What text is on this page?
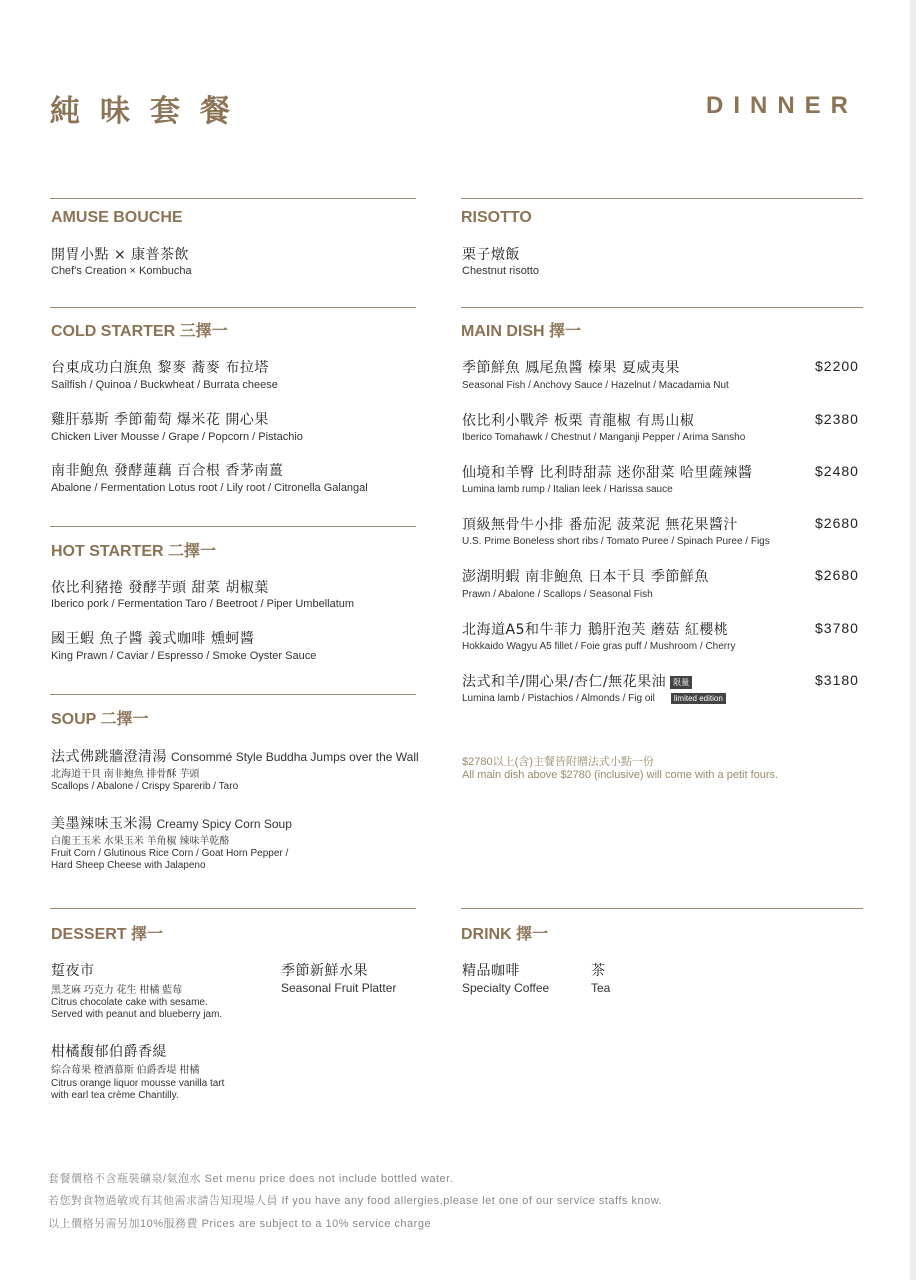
純味套餐	DINNER
AMUSE BOUCHE
開胃小點 × 康普茶飲
Chef's Creation × Kombucha
COLD STARTER 三擇一
台東成功白旗魚 黎麥 蕎麥 布拉塔
Sailfish / Quinoa / Buckwheat / Burrata cheese
雞肝慕斯 季節葡萄 爆米花 開心果
Chicken Liver Mousse / Grape / Popcorn / Pistachio
南非鮑魚 發酵蓮藕 百合根 香茅南薑
Abalone / Fermentation Lotus root / Lily root / Citronella Galangal
HOT STARTER 二擇一
依比利豬捲 發酵芋頭 甜菜 胡椒葉
Iberico pork / Fermentation Taro / Beetroot / Piper Umbellatum
國王蝦 魚子醬 義式咖啡 燻蚵醬
King Prawn / Caviar / Espresso / Smoke Oyster Sauce
SOUP 二擇一
法式佛跳牆澄清湯 Consommé Style Buddha Jumps over the Wall
北海道干貝 南非鮑魚 排骨酥 芋頭
Scallops / Abalone / Crispy Sparerib / Taro
美墨辣味玉米湯 Creamy Spicy Corn Soup
白龍王玉米 水果玉米 羊角椒 辣味羊乾酪
Fruit Corn / Glutinous Rice Corn / Goat Horn Pepper /
Hard Sheep Cheese with Jalapeno
RISOTTO
栗子燉飯
Chestnut risotto
MAIN DISH 擇一
季節鮮魚 鳳尾魚醬 榛果 夏威夷果
Seasonal Fish / Anchovy Sauce / Hazelnut / Macadamia Nut
$2200
依比利小戰斧 板栗 青龍椒 有馬山椒
Iberico Tomahawk / Chestnut / Manganji Pepper / Arima Sansho
$2380
仙境和羊臀 比利時甜蒜 迷你甜菜 哈里薩辣醬
Lumina lamb rump / Italian leek / Harissa sauce
$2480
頂級無骨牛小排 番茄泥 菠菜泥 無花果醬汁
U.S. Prime Boneless short ribs / Tomato Puree / Spinach Puree / Figs
$2680
澎湖明蝦 南非鮑魚 日本干貝 季節鮮魚
Prawn / Abalone / Scallops / Seasonal Fish
$2680
北海道A5和牛菲力 鵝肝泡芙 蘑菇 紅櫻桃
Hokkaido Wagyu A5 fillet / Foie gras puff / Mushroom / Cherry
$3780
法式和羊/開心果/杏仁/無花果油 限量
Lumina lamb / Pistachios / Almonds / Fig oil limited edition
$3180
$2780以上(含)主餐皆附贈法式小點一份
All main dish above $2780 (inclusive) will come with a petit fours.
DESSERT 擇一
踅夜市
黑芝麻 巧克力 花生 柑橘 藍莓
Citrus chocolate cake with sesame.
Served with peanut and blueberry jam.
季節新鮮水果
Seasonal Fruit Platter
柑橘馥郁伯爵香緹
綜合莓果 橙酒慕斯 伯爵香堤 柑橘
Citrus orange liquor mousse vanilla tart
with earl tea crème Chantilly.
DRINK 擇一
精品咖啡
Specialty Coffee
茶
Tea
套餐價格不含瓶裝礦泉/氣泡水 Set menu price does not include bottled water.
若您對食物過敏或有其他需求請告知現場人員 If you have any food allergies,please let one of our service staffs know.
以上價格另需另加10%服務費 Prices are subject to a 10% service charge
